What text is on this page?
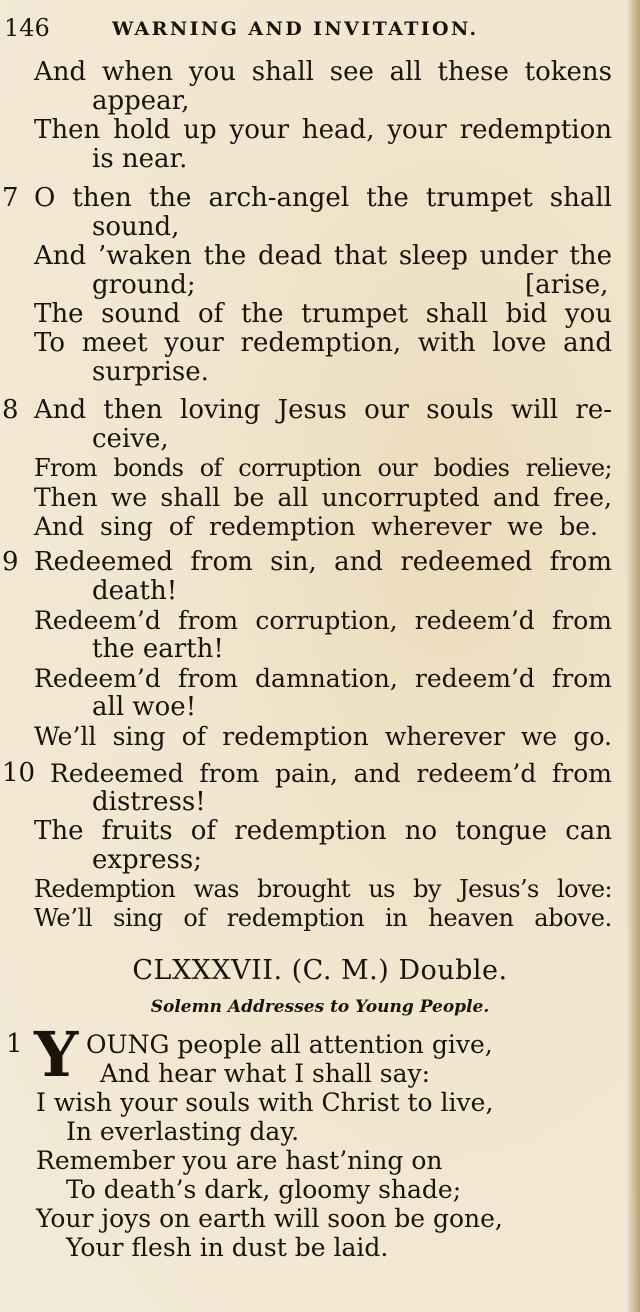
146	WARNING AND INVITATION.
And when you shall see all these tokens
appear,
Then hold up your head, your redemption
is near.
7 O then the arch-angel the trumpet shall
sound,
And ’waken the dead that sleep under the
ground;	[arise,
The sound of the trumpet shall bid you
To meet your redemption, with love and
surprise.
8 And then loving Jesus our souls will re-
ceive,
From bonds of corruption our bodies relieve;
Then we shall be all uncorrupted and free,
And sing of redemption wherever we be.
9 Redeemed from sin, and redeemed from
death!
Redeem’d from corruption, redeem’d from
the earth!
Redeem’d from damnation, redeem’d from
all woe!
We’ll sing of redemption wherever we go.
10 Redeemed from pain, and redeem’d from
distress!
The fruits of redemption no tongue can
express;
Redemption was brought us by Jesus’s love:
We’ll sing of redemption in heaven above.
CLXXXVII. (C. M.) Double.
Solemn Addresses to Young People.
1 Y OUNG people all attention give,
And hear what I shall say:
I wish your souls with Christ to live,
In everlasting day.
Remember you are hast’ning on
To death’s dark, gloomy shade;
Your joys on earth will soon be gone,
Your flesh in dust be laid.
